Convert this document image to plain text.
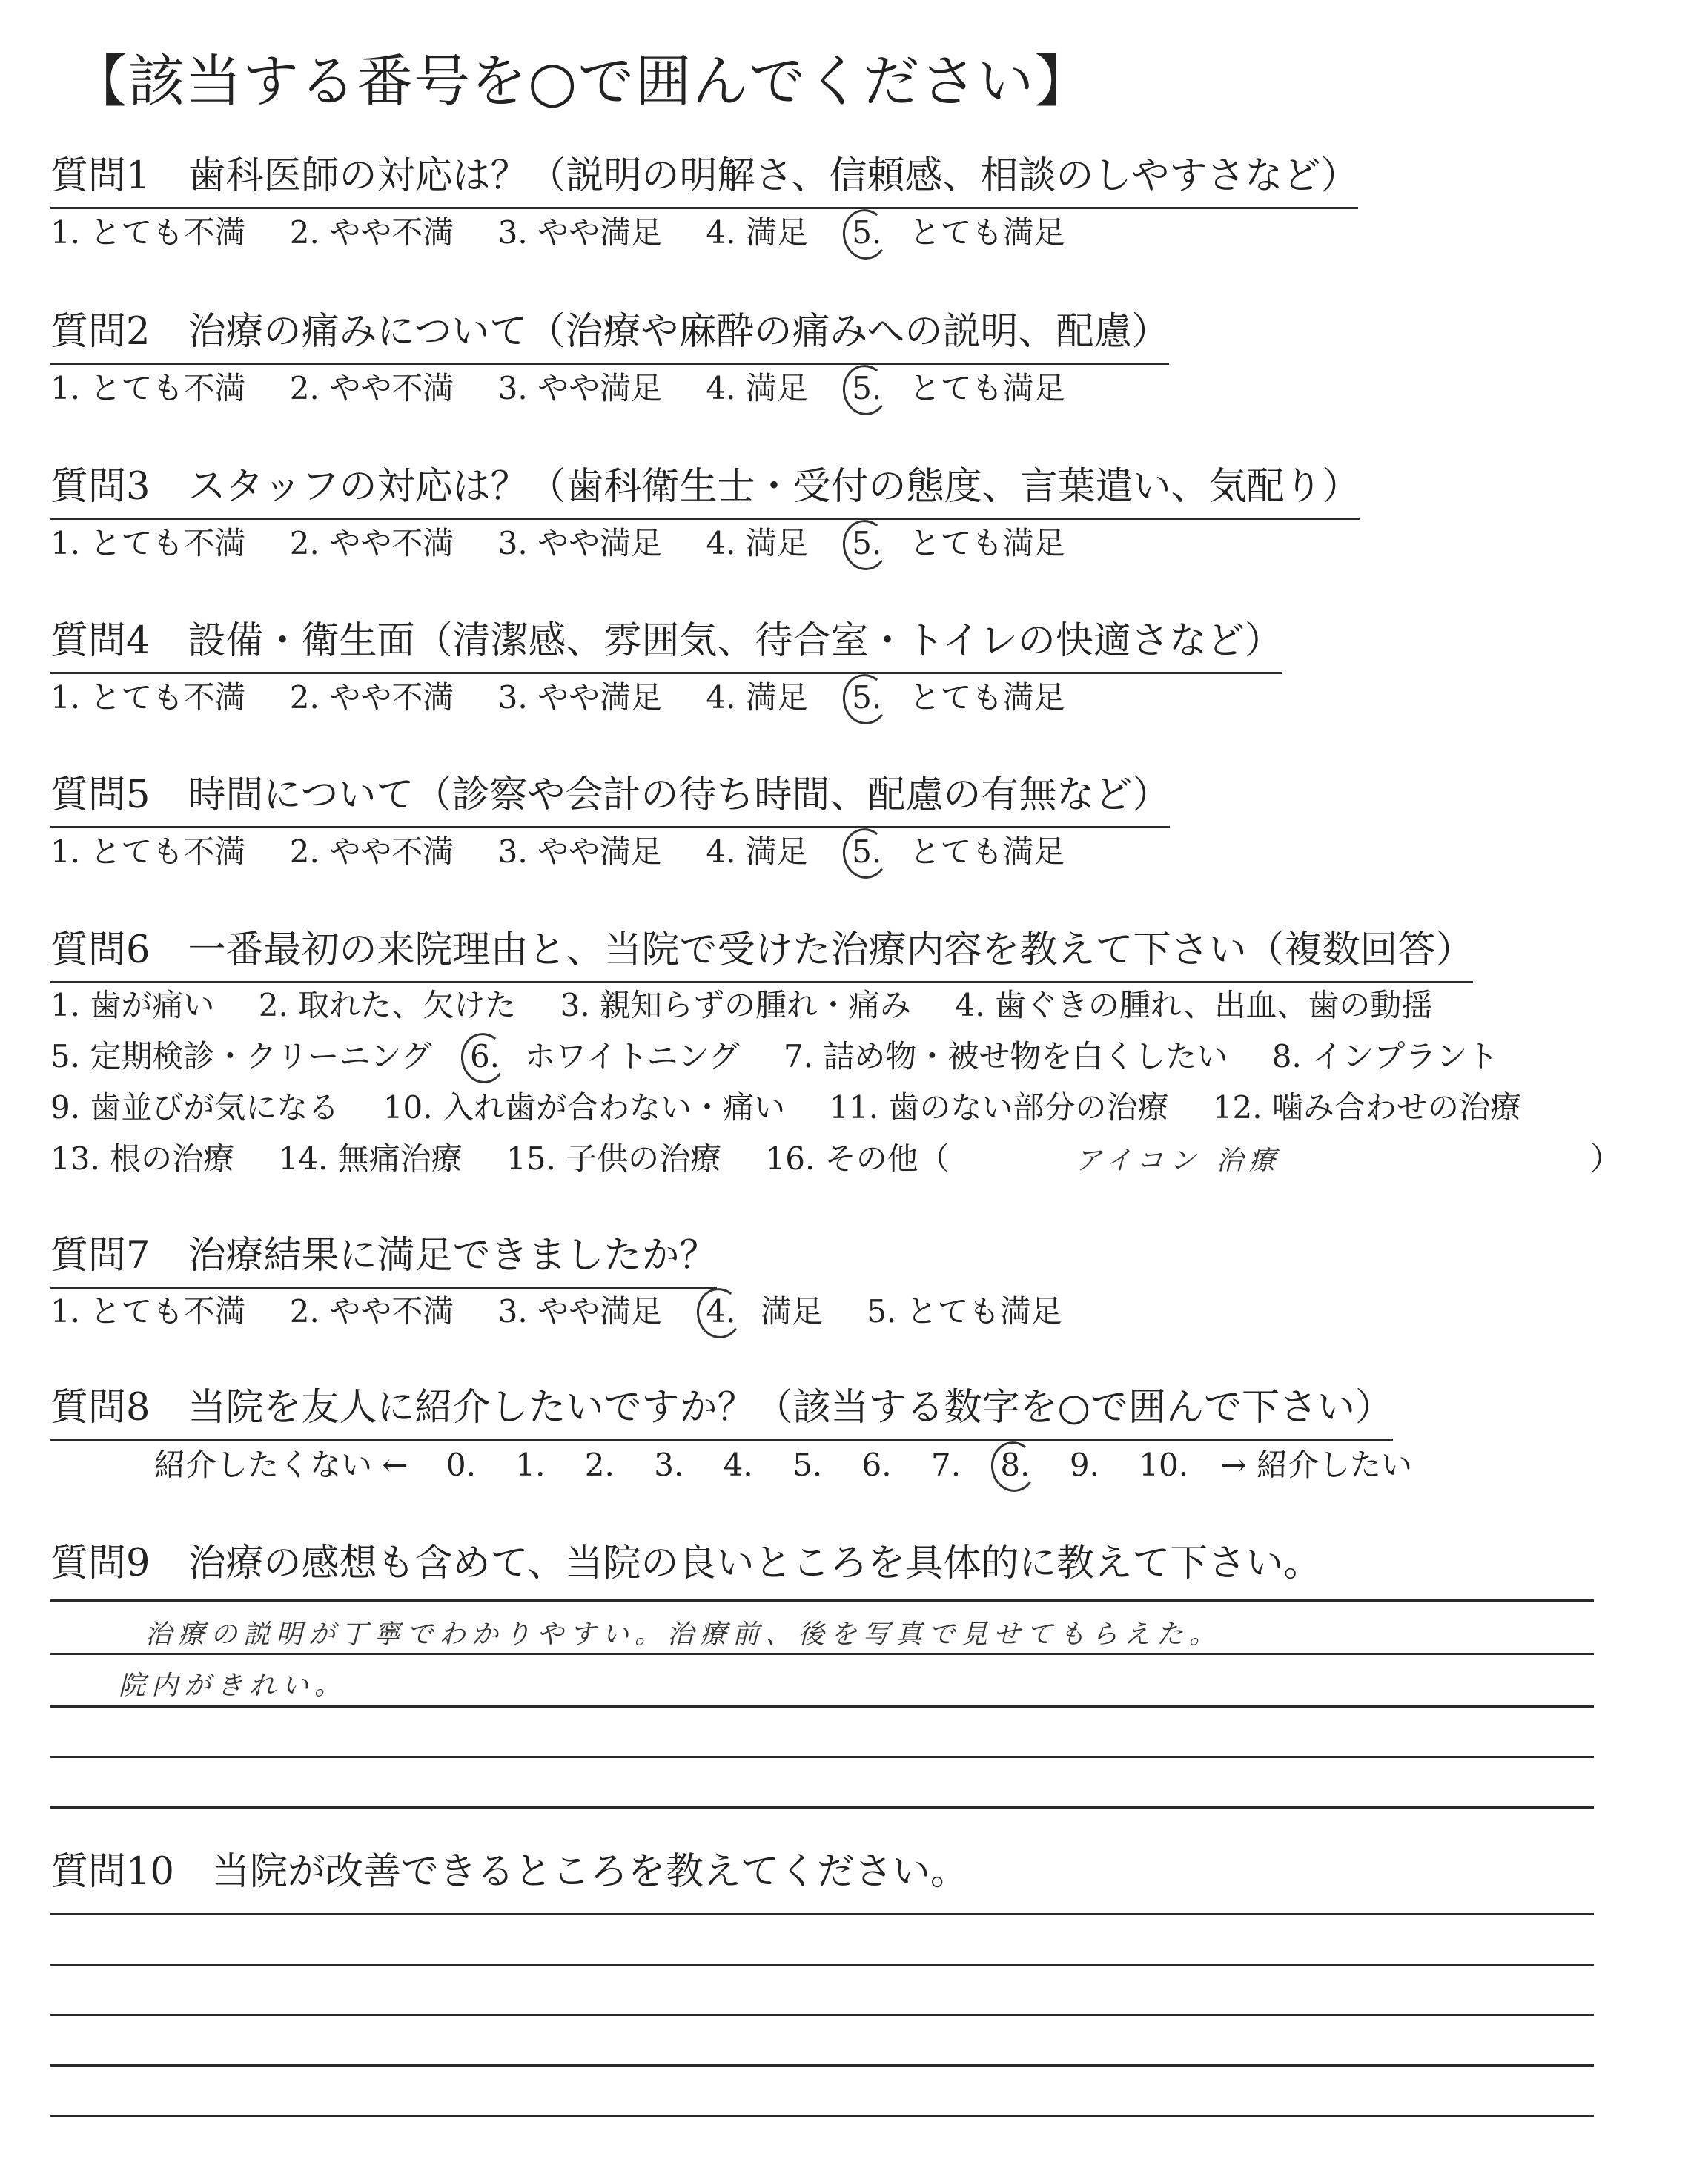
【該当する番号を○で囲んでください】
質問1　歯科医師の対応は？（説明の明解さ、信頼感、相談のしやすさなど）
1. とても不満 2. やや不満 3. やや満足 4. 満足 5. とても満足
質問2　治療の痛みについて（治療や麻酔の痛みへの説明、配慮）
1. とても不満 2. やや不満 3. やや満足 4. 満足 5. とても満足
質問3　スタッフの対応は？（歯科衛生士・受付の態度、言葉遣い、気配り）
1. とても不満 2. やや不満 3. やや満足 4. 満足 5. とても満足
質問4　設備・衛生面（清潔感、雰囲気、待合室・トイレの快適さなど）
1. とても不満 2. やや不満 3. やや満足 4. 満足 5. とても満足
質問5　時間について（診察や会計の待ち時間、配慮の有無など）
1. とても不満 2. やや不満 3. やや満足 4. 満足 5. とても満足
質問6　一番最初の来院理由と、当院で受けた治療内容を教えて下さい（複数回答）
1. 歯が痛い 2. 取れた、欠けた 3. 親知らずの腫れ・痛み 4. 歯ぐきの腫れ、出血、歯の動揺
5. 定期検診・クリーニング 6. ホワイトニング 7. 詰め物・被せ物を白くしたい 8. インプラント
9. 歯並びが気になる 10. 入れ歯が合わない・痛い 11. 歯のない部分の治療 12. 噛み合わせの治療
13. 根の治療 14. 無痛治療 15. 子供の治療 16. その他（	アイコン 治療	）
質問7　治療結果に満足できましたか？
1. とても不満 2. やや不満 3. やや満足 4. 満足 5. とても満足
質問8　当院を友人に紹介したいですか？（該当する数字を○で囲んで下さい）
紹介したくない ← 0. 1. 2. 3. 4. 5. 6. 7. 8. 9. 10. → 紹介したい
質問9　治療の感想も含めて、当院の良いところを具体的に教えて下さい。
治療の説明が丁寧でわかりやすい。治療前、後を写真で見せてもらえた。
院内がきれい。
質問10　当院が改善できるところを教えてください。
